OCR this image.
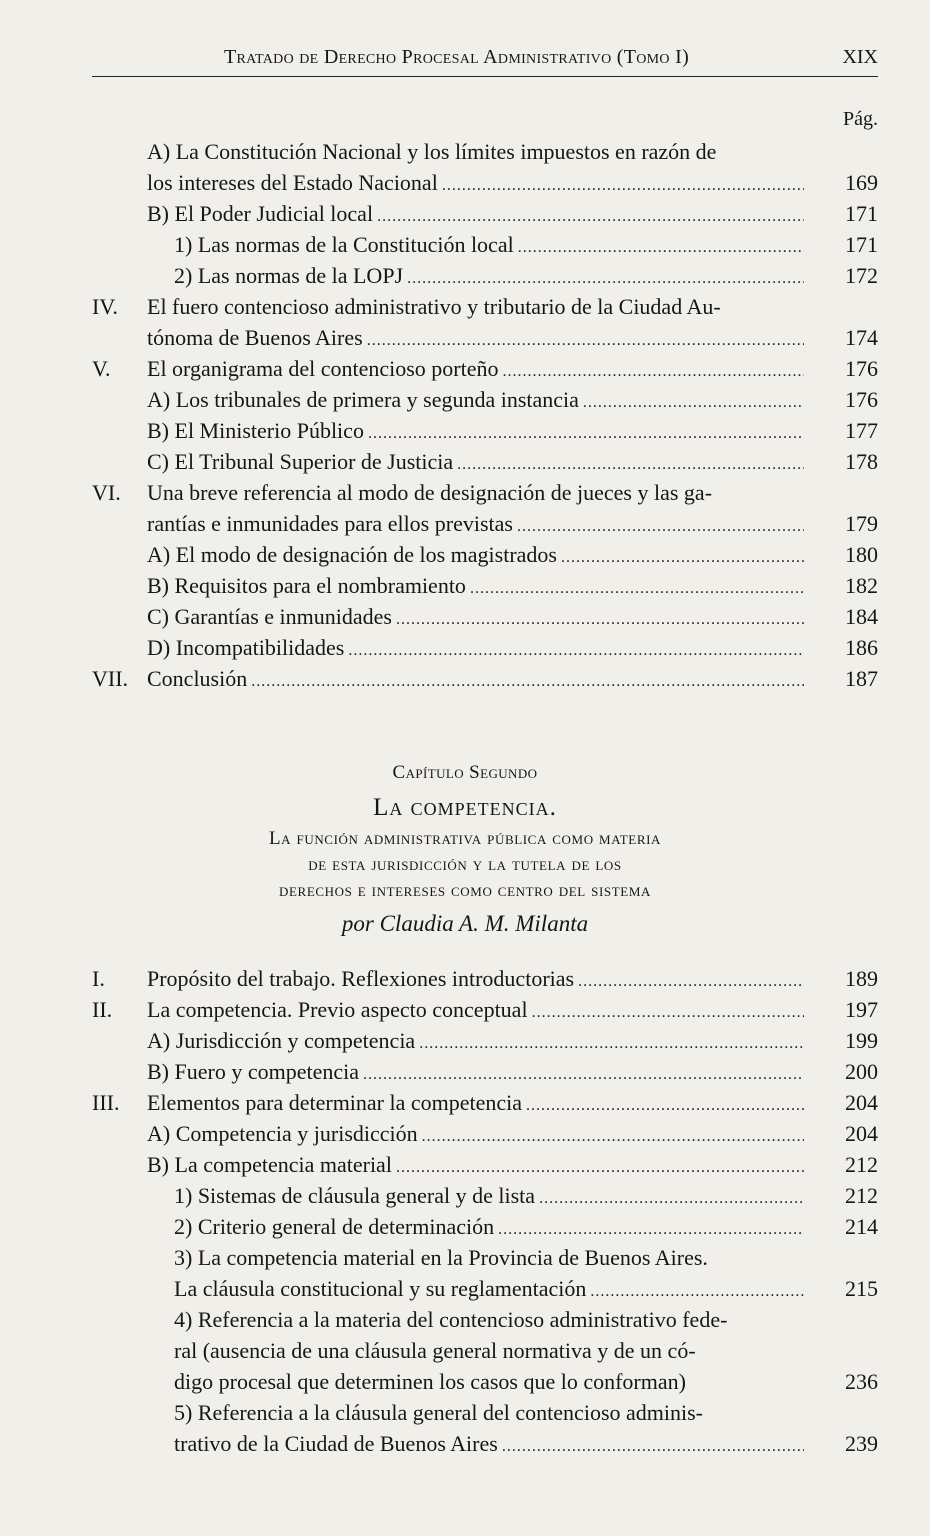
Tratado de Derecho Procesal Administrativo (Tomo I)	XIX
Pág.
A) La Constitución Nacional y los límites impuestos en razón de
los intereses del Estado Nacional .....	169
B) El Poder Judicial local .....	171
1) Las normas de la Constitución local .....	171
2) Las normas de la LOPJ .....	172
IV. El fuero contencioso administrativo y tributario de la Ciudad Au-
tónoma de Buenos Aires .....	174
V. El organigrama del contencioso porteño .....	176
A) Los tribunales de primera y segunda instancia .....	176
B) El Ministerio Público .....	177
C) El Tribunal Superior de Justicia .....	178
VI. Una breve referencia al modo de designación de jueces y las ga-
rantías e inmunidades para ellos previstas .....	179
A) El modo de designación de los magistrados .....	180
B) Requisitos para el nombramiento .....	182
C) Garantías e inmunidades .....	184
D) Incompatibilidades .....	186
VII. Conclusión .....	187
Capítulo Segundo
La competencia.
La función administrativa pública como materia
de esta jurisdicción y la tutela de los
derechos e intereses como centro del sistema
por Claudia A. M. Milanta
I. Propósito del trabajo. Reflexiones introductorias .....	189
II. La competencia. Previo aspecto conceptual .....	197
A) Jurisdicción y competencia .....	199
B) Fuero y competencia .....	200
III. Elementos para determinar la competencia .....	204
A) Competencia y jurisdicción .....	204
B) La competencia material .....	212
1) Sistemas de cláusula general y de lista .....	212
2) Criterio general de determinación .....	214
3) La competencia material en la Provincia de Buenos Aires.
La cláusula constitucional y su reglamentación .....	215
4) Referencia a la materia del contencioso administrativo fede-
ral (ausencia de una cláusula general normativa y de un có-
digo procesal que determinen los casos que lo conforman)	236
5) Referencia a la cláusula general del contencioso adminis-
trativo de la Ciudad de Buenos Aires .....	239
